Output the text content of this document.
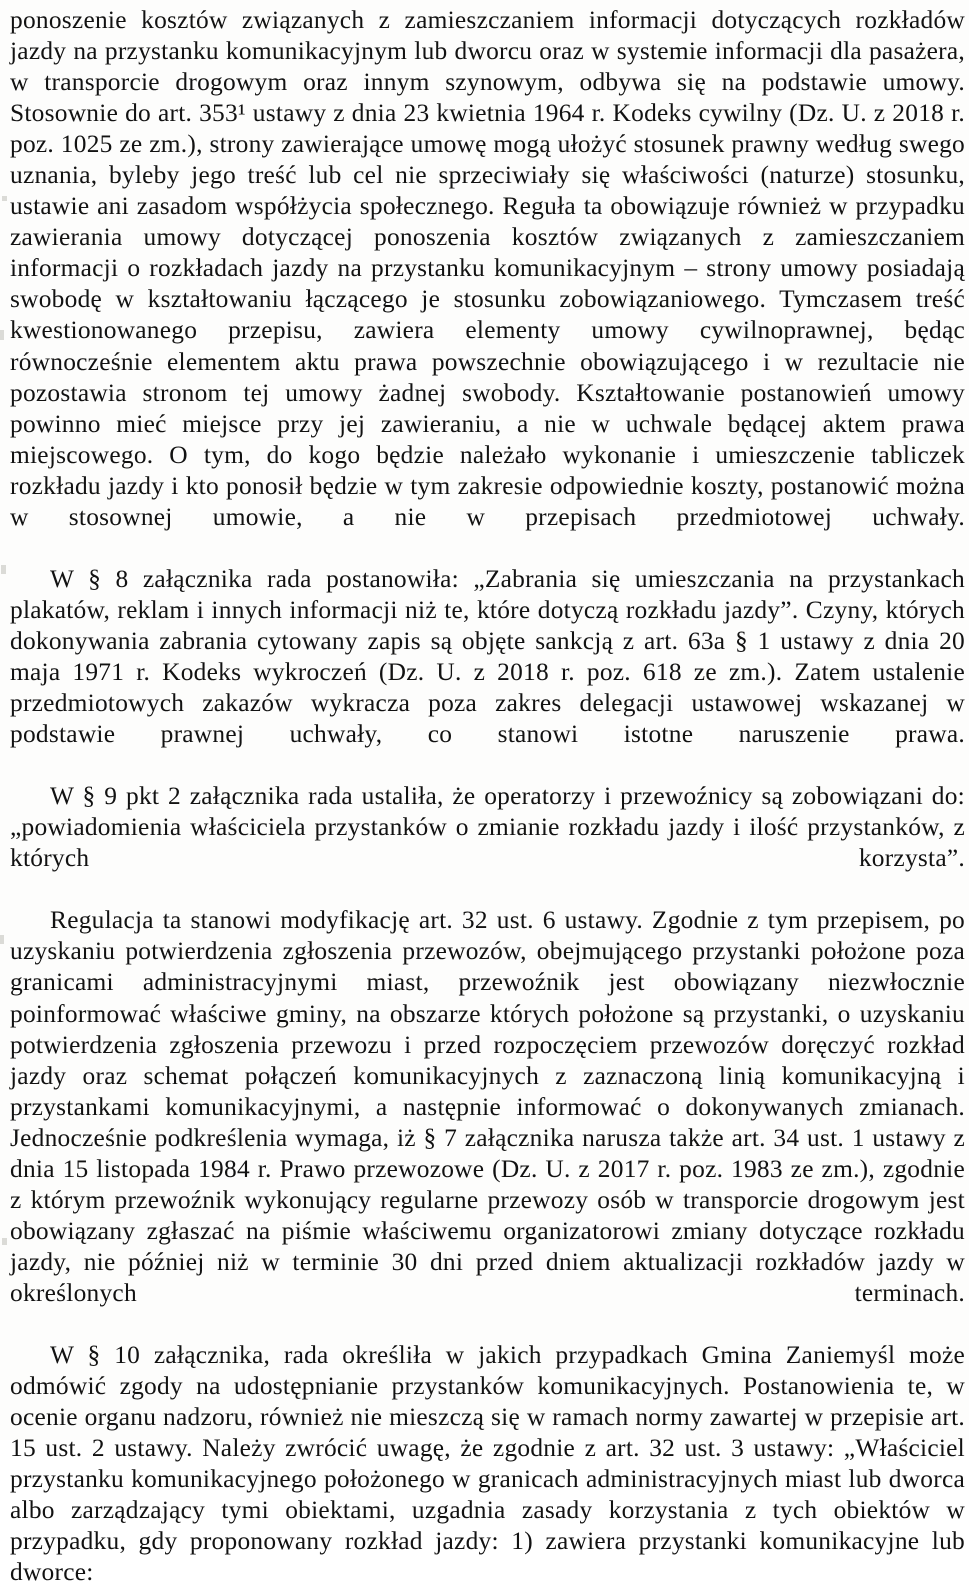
ponoszenie kosztów związanych z zamieszczaniem informacji dotyczących rozkładów jazdy na przystanku komunikacyjnym lub dworcu oraz w systemie informacji dla pasażera, w transporcie drogowym oraz innym szynowym, odbywa się na podstawie umowy. Stosownie do art. 353¹ ustawy z dnia 23 kwietnia 1964 r. Kodeks cywilny (Dz. U. z 2018 r. poz. 1025 ze zm.), strony zawierające umowę mogą ułożyć stosunek prawny według swego uznania, byleby jego treść lub cel nie sprzeciwiały się właściwości (naturze) stosunku, ustawie ani zasadom współżycia społecznego. Reguła ta obowiązuje również w przypadku zawierania umowy dotyczącej ponoszenia kosztów związanych z zamieszczaniem informacji o rozkładach jazdy na przystanku komunikacyjnym – strony umowy posiadają swobodę w kształtowaniu łączącego je stosunku zobowiązaniowego. Tymczasem treść kwestionowanego przepisu, zawiera elementy umowy cywilnoprawnej, będąc równocześnie elementem aktu prawa powszechnie obowiązującego i w rezultacie nie pozostawia stronom tej umowy żadnej swobody. Kształtowanie postanowień umowy powinno mieć miejsce przy jej zawieraniu, a nie w uchwale będącej aktem prawa miejscowego. O tym, do kogo będzie należało wykonanie i umieszczenie tabliczek rozkładu jazdy i kto ponosił będzie w tym zakresie odpowiednie koszty, postanowić można w stosownej umowie, a nie w przepisach przedmiotowej uchwały.

W § 8 załącznika rada postanowiła: „Zabrania się umieszczania na przystankach plakatów, reklam i innych informacji niż te, które dotyczą rozkładu jazdy”. Czyny, których dokonywania zabrania cytowany zapis są objęte sankcją z art. 63a § 1 ustawy z dnia 20 maja 1971 r. Kodeks wykroczeń (Dz. U. z 2018 r. poz. 618 ze zm.). Zatem ustalenie przedmiotowych zakazów wykracza poza zakres delegacji ustawowej wskazanej w podstawie prawnej uchwały, co stanowi istotne naruszenie prawa.

W § 9 pkt 2 załącznika rada ustaliła, że operatorzy i przewoźnicy są zobowiązani do: „powiadomienia właściciela przystanków o zmianie rozkładu jazdy i ilość przystanków, z których korzysta”.

Regulacja ta stanowi modyfikację art. 32 ust. 6 ustawy. Zgodnie z tym przepisem, po uzyskaniu potwierdzenia zgłoszenia przewozów, obejmującego przystanki położone poza granicami administracyjnymi miast, przewoźnik jest obowiązany niezwłocznie poinformować właściwe gminy, na obszarze których położone są przystanki, o uzyskaniu potwierdzenia zgłoszenia przewozu i przed rozpoczęciem przewozów doręczyć rozkład jazdy oraz schemat połączeń komunikacyjnych z zaznaczoną linią komunikacyjną i przystankami komunikacyjnymi, a następnie informować o dokonywanych zmianach. Jednocześnie podkreślenia wymaga, iż § 7 załącznika narusza także art. 34 ust. 1 ustawy z dnia 15 listopada 1984 r. Prawo przewozowe (Dz. U. z 2017 r. poz. 1983 ze zm.), zgodnie z którym przewoźnik wykonujący regularne przewozy osób w transporcie drogowym jest obowiązany zgłaszać na piśmie właściwemu organizatorowi zmiany dotyczące rozkładu jazdy, nie później niż w terminie 30 dni przed dniem aktualizacji rozkładów jazdy w określonych terminach.

W § 10 załącznika, rada określiła w jakich przypadkach Gmina Zaniemyśl może odmówić zgody na udostępnianie przystanków komunikacyjnych. Postanowienia te, w ocenie organu nadzoru, również nie mieszczą się w ramach normy zawartej w przepisie art. 15 ust. 2 ustawy. Należy zwrócić uwagę, że zgodnie z art. 32 ust. 3 ustawy: „Właściciel przystanku komunikacyjnego położonego w granicach administracyjnych miast lub dworca albo zarządzający tymi obiektami, uzgadnia zasady korzystania z tych obiektów w przypadku, gdy proponowany rozkład jazdy: 1) zawiera przystanki komunikacyjne lub dworce:
